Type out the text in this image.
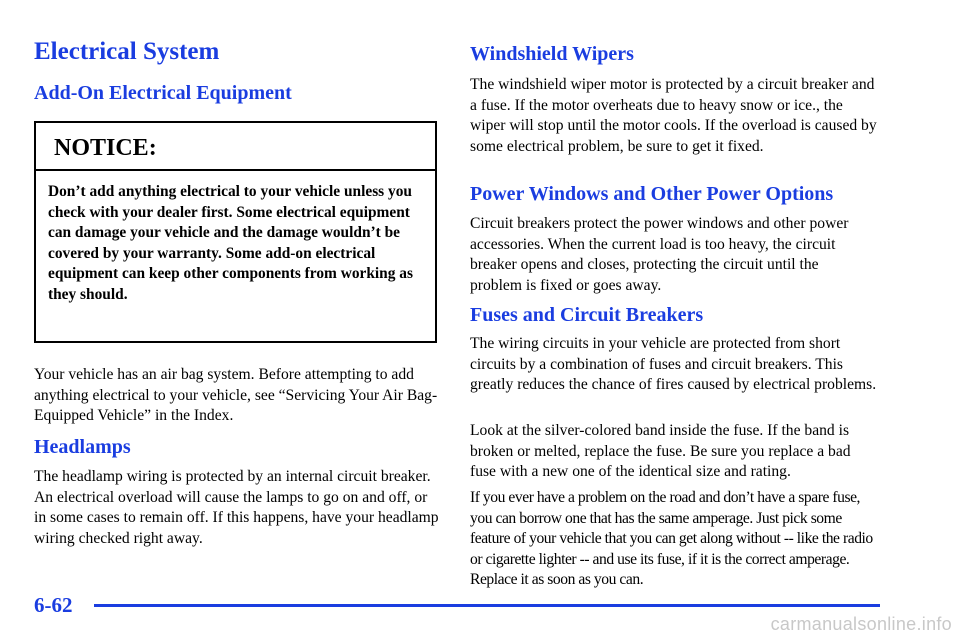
Electrical System
Add-On Electrical Equipment
NOTICE:
Don’t add anything electrical to your vehicle unless you check with your dealer first. Some electrical equipment can damage your vehicle and the damage wouldn’t be covered by your warranty. Some add-on electrical equipment can keep other components from working as they should.

Your vehicle has an air bag system. Before attempting to add anything electrical to your vehicle, see “Servicing Your Air Bag-Equipped Vehicle” in the Index.

Headlamps

The headlamp wiring is protected by an internal circuit breaker. An electrical overload will cause the lamps to go on and off, or in some cases to remain off. If this happens, have your headlamp wiring checked right away.

Windshield Wipers

The windshield wiper motor is protected by a circuit breaker and a fuse. If the motor overheats due to heavy snow or ice., the wiper will stop until the motor cools. If the overload is caused by some electrical problem, be sure to get it fixed.

Power Windows and Other Power Options

Circuit breakers protect the power windows and other power accessories. When the current load is too heavy, the circuit breaker opens and closes, protecting the circuit until the problem is fixed or goes away.

Fuses and Circuit Breakers

The wiring circuits in your vehicle are protected from short circuits by a combination of fuses and circuit breakers. This greatly reduces the chance of fires caused by electrical problems.

Look at the silver-colored band inside the fuse. If the band is broken or melted, replace the fuse. Be sure you replace a bad fuse with a new one of the identical size and rating.

If you ever have a problem on the road and don’t have a spare fuse, you can borrow one that has the same amperage. Just pick some feature of your vehicle that you can get along without -- like the radio or cigarette lighter -- and use its fuse, if it is the correct amperage. Replace it as soon as you can.

6-62
carmanualsonline.info
